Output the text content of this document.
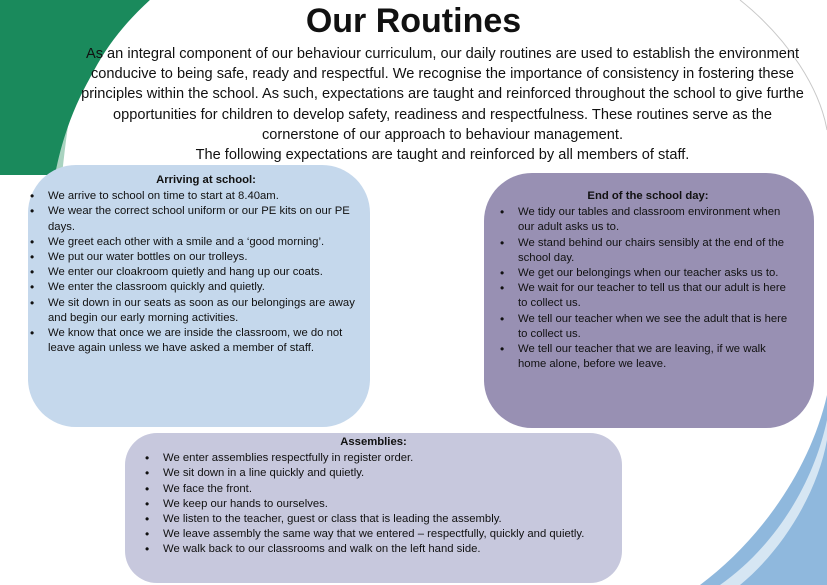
Our Routines

As an integral component of our behaviour curriculum, our daily routines are used to establish the environment

conducive to being safe, ready and respectful. We recognise the importance of consistency in fostering these

principles within the school. As such, expectations are taught and reinforced throughout the school to give furthe

opportunities for children to develop safety, readiness and respectfulness. These routines serve as the

cornerstone of our approach to behaviour management.

The following expectations are taught and reinforced by all members of staff.

Arriving at school:
• We arrive to school on time to start at 8.40am.
• We wear the correct school uniform or our PE kits on our PE days.
• We greet each other with a smile and a ‘good morning’.
• We put our water bottles on our trolleys.
• We enter our cloakroom quietly and hang up our coats.
• We enter the classroom quickly and quietly.
• We sit down in our seats as soon as our belongings are away and begin our early morning activities.
• We know that once we are inside the classroom, we do not leave again unless we have asked a member of staff.
End of the school day:
• We tidy our tables and classroom environment when our adult asks us to.
• We stand behind our chairs sensibly at the end of the school day.
• We get our belongings when our teacher asks us to.
• We wait for our teacher to tell us that our adult is here to collect us.
• We tell our teacher when we see the adult that is here to collect us.
• We tell our teacher that we are leaving, if we walk home alone, before we leave.
Assemblies:
• We enter assemblies respectfully in register order.
• We sit down in a line quickly and quietly.
• We face the front.
• We keep our hands to ourselves.
• We listen to the teacher, guest or class that is leading the assembly.
• We leave assembly the same way that we entered – respectfully, quickly and quietly.
• We walk back to our classrooms and walk on the left hand side.
